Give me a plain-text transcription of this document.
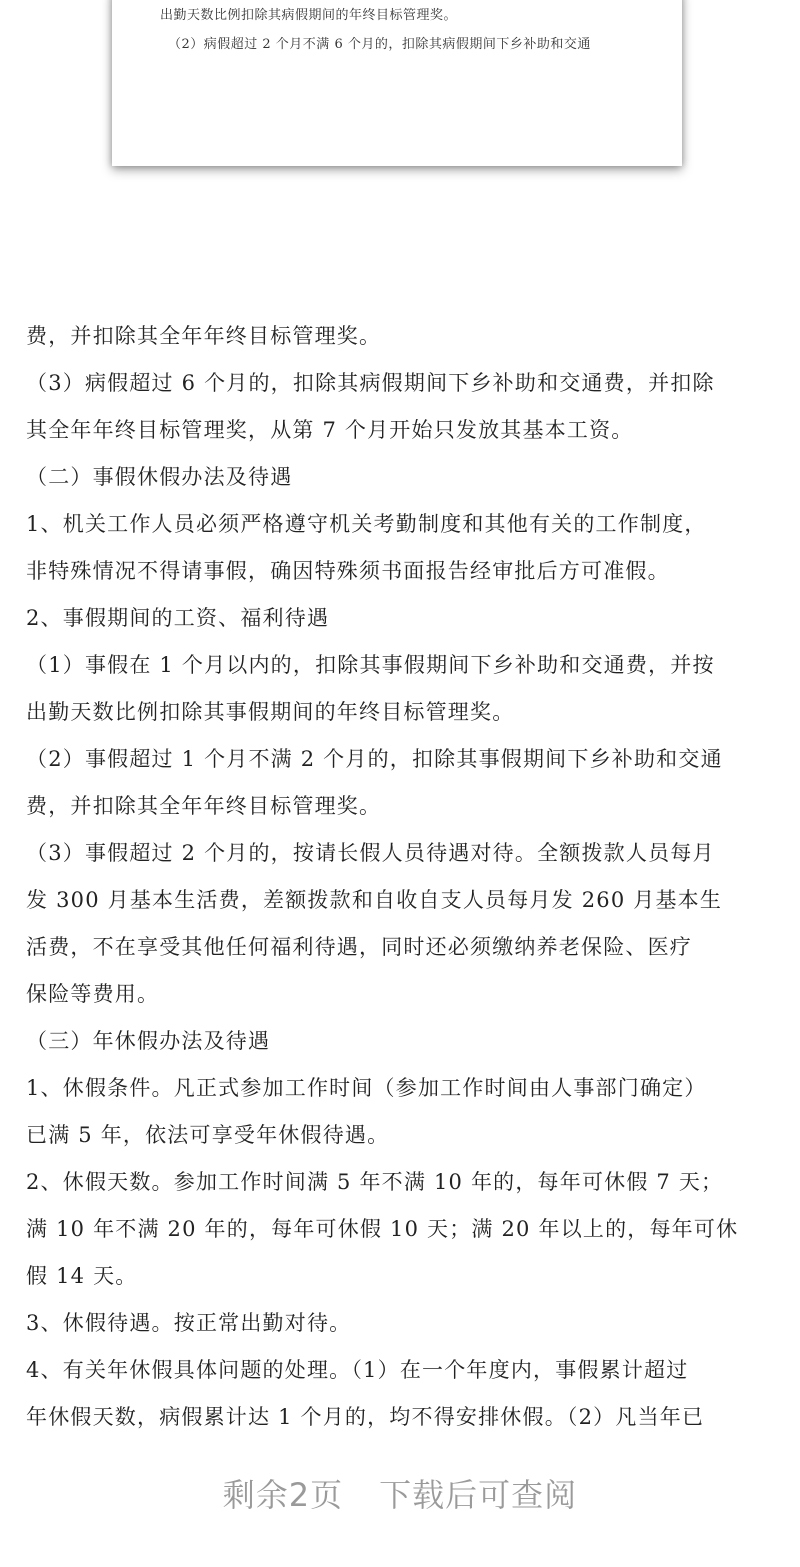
出勤天数比例扣除其病假期间的年终目标管理奖。
（2）病假超过 2 个月不满 6 个月的，扣除其病假期间下乡补助和交通
费，并扣除其全年年终目标管理奖。
（3）病假超过 6 个月的，扣除其病假期间下乡补助和交通费，并扣除
其全年年终目标管理奖，从第 7 个月开始只发放其基本工资。
（二）事假休假办法及待遇
1、机关工作人员必须严格遵守机关考勤制度和其他有关的工作制度，
非特殊情况不得请事假，确因特殊须书面报告经审批后方可准假。
2、事假期间的工资、福利待遇
（1）事假在 1 个月以内的，扣除其事假期间下乡补助和交通费，并按
出勤天数比例扣除其事假期间的年终目标管理奖。
（2）事假超过 1 个月不满 2 个月的，扣除其事假期间下乡补助和交通
费，并扣除其全年年终目标管理奖。
（3）事假超过 2 个月的，按请长假人员待遇对待。全额拨款人员每月
发 300 月基本生活费，差额拨款和自收自支人员每月发 260 月基本生
活费，不在享受其他任何福利待遇，同时还必须缴纳养老保险、医疗
保险等费用。
（三）年休假办法及待遇
1、休假条件。凡正式参加工作时间（参加工作时间由人事部门确定）
已满 5 年，依法可享受年休假待遇。
2、休假天数。参加工作时间满 5 年不满 10 年的，每年可休假 7 天；
满 10 年不满 20 年的，每年可休假 10 天；满 20 年以上的，每年可休
假 14 天。
3、休假待遇。按正常出勤对待。
4、有关年休假具体问题的处理。（1）在一个年度内，事假累计超过
年休假天数，病假累计达 1 个月的，均不得安排休假。（2）凡当年已
剩余2页 下载后可查阅
